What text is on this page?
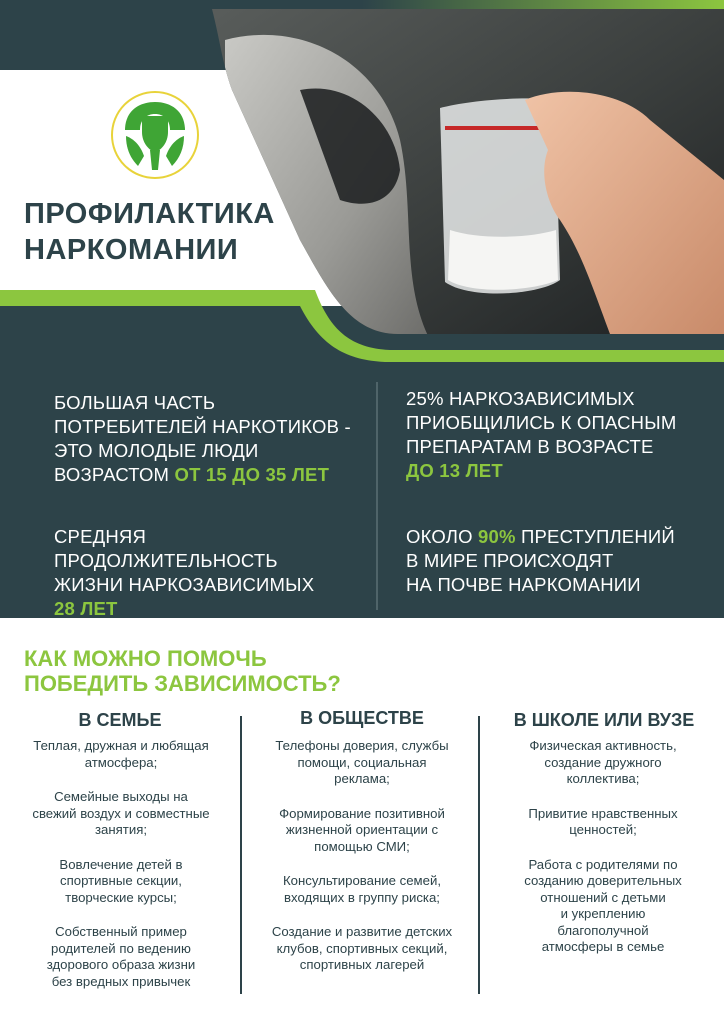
ПРОФИЛАКТИКА
НАРКОМАНИИ
БОЛЬШАЯ ЧАСТЬ
ПОТРЕБИТЕЛЕЙ НАРКОТИКОВ -
ЭТО МОЛОДЫЕ ЛЮДИ
ВОЗРАСТОМ ОТ 15 ДО 35 ЛЕТ
25% НАРКОЗАВИСИМЫХ
ПРИОБЩИЛИСЬ К ОПАСНЫМ
ПРЕПАРАТАМ В ВОЗРАСТЕ
ДО 13 ЛЕТ
СРЕДНЯЯ ПРОДОЛЖИТЕЛЬНОСТЬ
ЖИЗНИ НАРКОЗАВИСИМЫХ
28 ЛЕТ
ОКОЛО 90% ПРЕСТУПЛЕНИЙ
В МИРЕ ПРОИСХОДЯТ
НА ПОЧВЕ НАРКОМАНИИ
КАК МОЖНО ПОМОЧЬ
ПОБЕДИТЬ ЗАВИСИМОСТЬ?
В СЕМЬЕ	В ОБЩЕСТВЕ	В ШКОЛЕ ИЛИ ВУЗЕ
Теплая, дружная и любящая
атмосфера;
Семейные выходы на
свежий воздух и совместные
занятия;
Вовлечение детей в
спортивные секции,
творческие курсы;
Собственный пример
родителей по ведению
здорового образа жизни
без вредных привычек
Телефоны доверия, службы
помощи, социальная
реклама;
Формирование позитивной
жизненной ориентации с
помощью СМИ;
Консультирование семей,
входящих в группу риска;
Создание и развитие детских
клубов, спортивных секций,
спортивных лагерей
Физическая активность,
создание дружного
коллектива;
Привитие нравственных
ценностей;
Работа с родителями по
созданию доверительных
отношений с детьми
и укреплению
благополучной
атмосферы в семье
